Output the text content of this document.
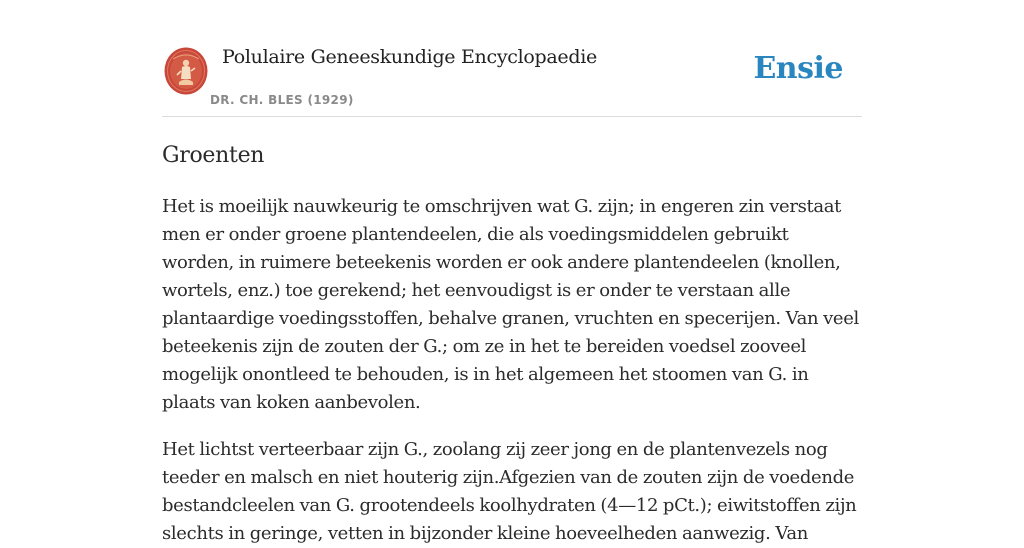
Polulaire Geneeskundige Encyclopaedie
DR. CH. BLES (1929)
Ensie
Groenten

Het is moeilijk nauwkeurig te omschrijven wat G. zijn; in engeren zin verstaat men er onder groene plantendeelen, die als voedingsmiddelen gebruikt worden, in ruimere beteekenis worden er ook andere plantendeelen (knollen, wortels, enz.) toe gerekend; het eenvoudigst is er onder te verstaan alle plantaardige voedingsstoffen, behalve granen, vruchten en specerijen. Van veel beteekenis zijn de zouten der G.; om ze in het te bereiden voedsel zooveel mogelijk onontleed te behouden, is in het algemeen het stoomen van G. in plaats van koken aanbevolen.

Het lichtst verteerbaar zijn G., zoolang zij zeer jong en de plantenvezels nog teeder en malsch en niet houterig zijn.Afgezien van de zouten zijn de voedende bestandcleelen van G. grootendeels koolhydraten (4—12 pCt.); eiwitstoffen zijn slechts in geringe, vetten in bijzonder kleine hoeveelheden aanwezig. Van
